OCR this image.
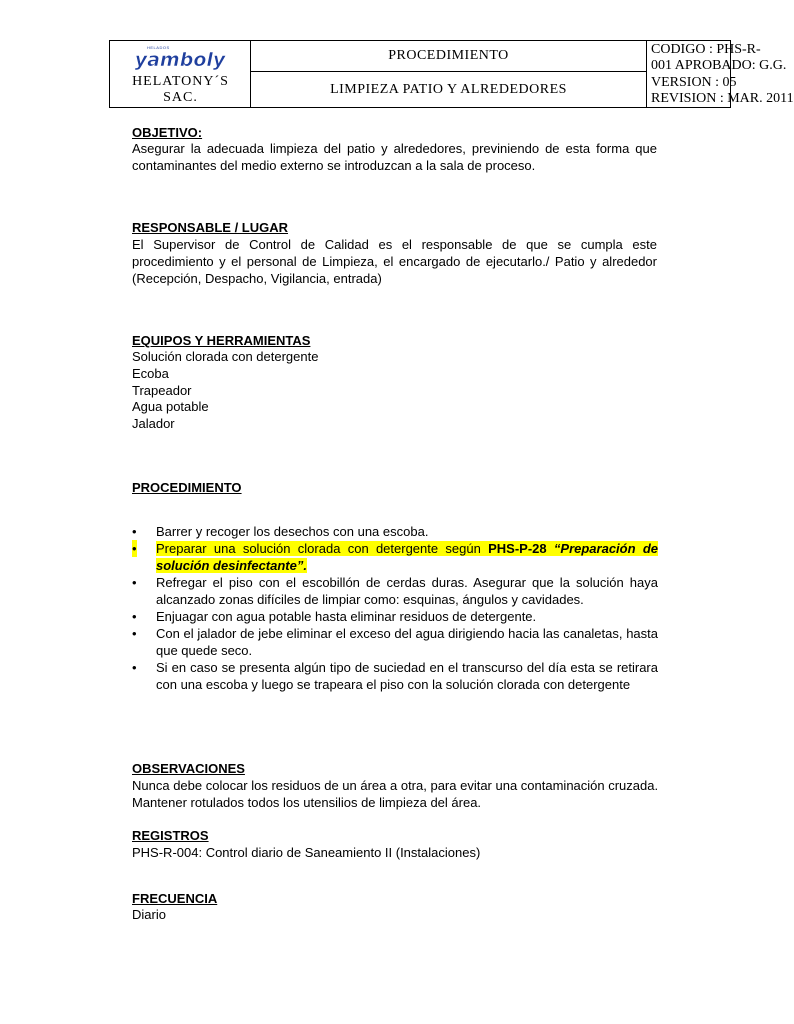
HELADOS
yamboly
HELATONY´S
SAC.
PROCEDIMIENTO
LIMPIEZA PATIO Y ALREDEDORES
CODIGO : PHS-R-
001 APROBADO: G.G.
VERSION : 05
REVISION : MAR. 2011
OBJETIVO:
Asegurar la adecuada limpieza del patio y alrededores, previniendo de esta forma que contaminantes del medio externo se introduzcan a la sala de proceso.
RESPONSABLE / LUGAR
El Supervisor de Control de Calidad es el responsable de que se cumpla este procedimiento y el personal de Limpieza, el encargado de ejecutarlo./ Patio y alrededor (Recepción, Despacho, Vigilancia, entrada)
EQUIPOS Y HERRAMIENTAS
Solución clorada con detergente
Ecoba
Trapeador
Agua potable
Jalador
PROCEDIMIENTO

• Barrer y recoger los desechos con una escoba.

• Preparar una solución clorada con detergente según PHS-P-28 “Preparación de solución desinfectante”.

• Refregar el piso con el escobillón de cerdas duras. Asegurar que la solución haya alcanzado zonas difíciles de limpiar como: esquinas, ángulos y cavidades.

• Enjuagar con agua potable hasta eliminar residuos de detergente.

• Con el jalador de jebe eliminar el exceso del agua dirigiendo hacia las canaletas, hasta que quede seco.

• Si en caso se presenta algún tipo de suciedad en el transcurso del día esta se retirara con una escoba y luego se trapeara el piso con la solución clorada con detergente

OBSERVACIONES
Nunca debe colocar los residuos de un área a otra, para evitar una contaminación cruzada.
Mantener rotulados todos los utensilios de limpieza del área.
REGISTROS
PHS-R-004: Control diario de Saneamiento II (Instalaciones)
FRECUENCIA
Diario
